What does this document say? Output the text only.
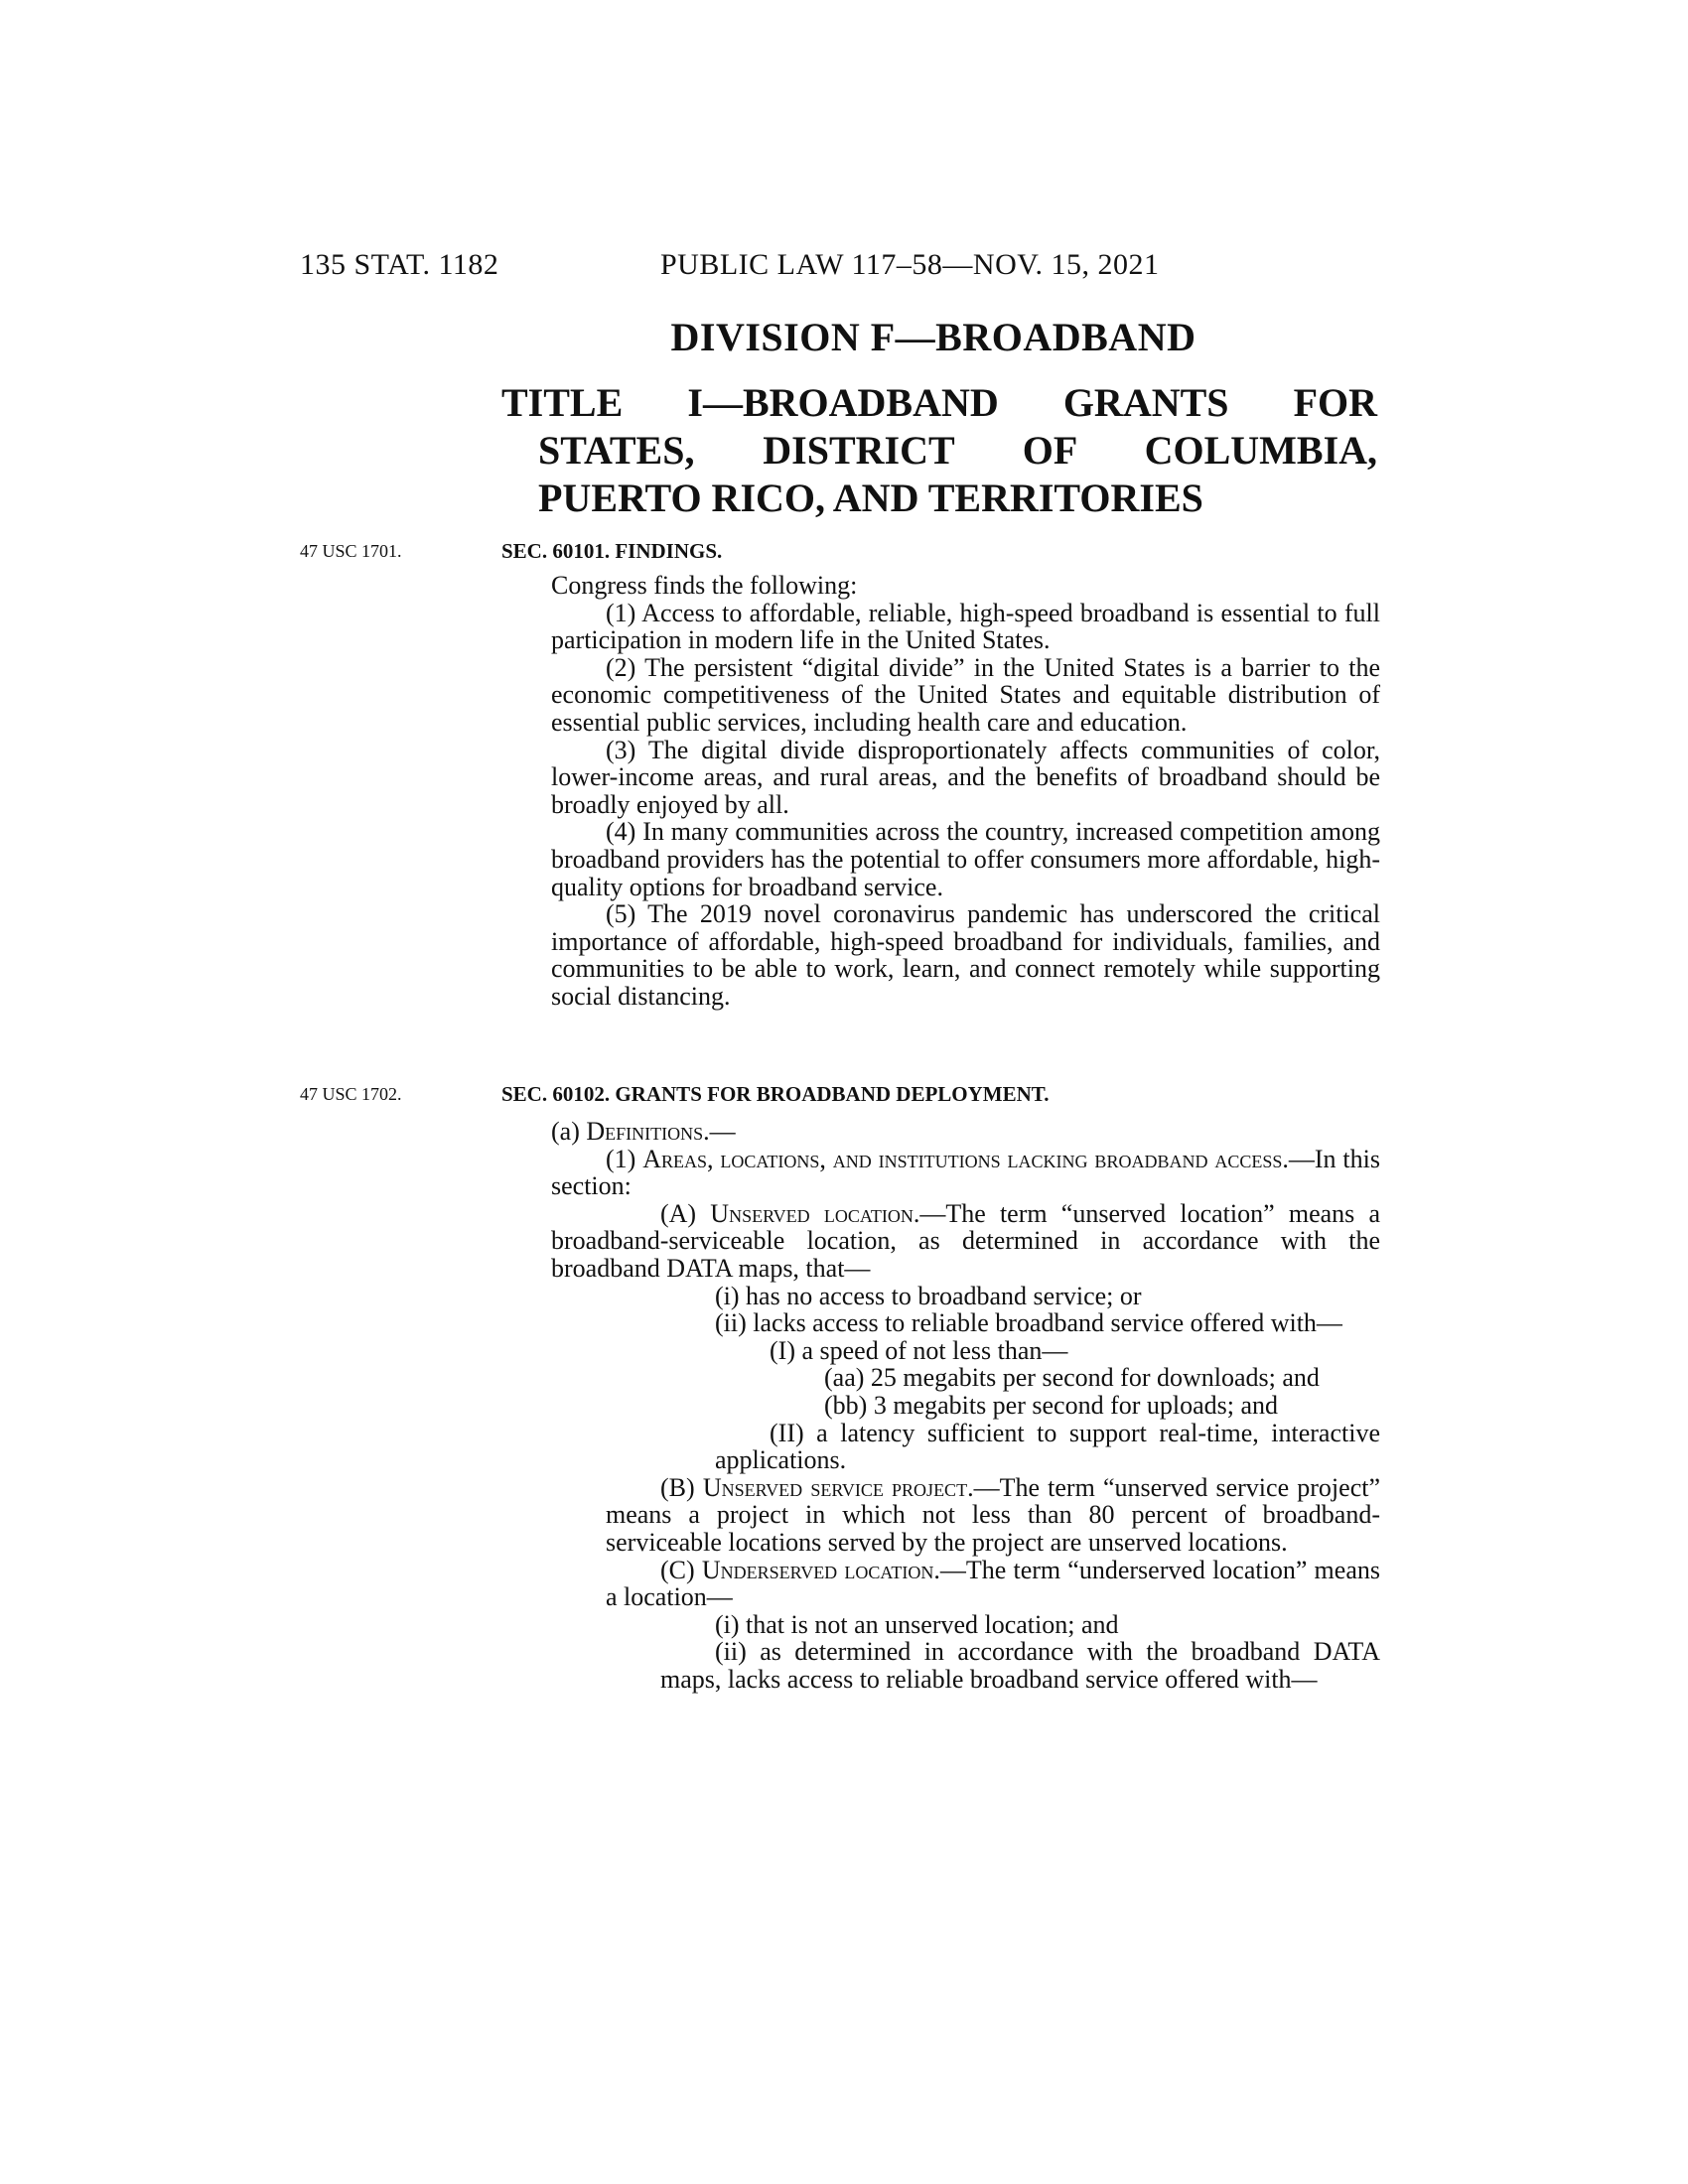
135 STAT. 1182	PUBLIC LAW 117–58—NOV. 15, 2021
DIVISION F—BROADBAND
TITLE I—BROADBAND GRANTS FOR
STATES, DISTRICT OF COLUMBIA,
PUERTO RICO, AND TERRITORIES
47 USC 1701.	SEC. 60101. FINDINGS.

Congress finds the following:

(1) Access to affordable, reliable, high-speed broadband is essential to full participation in modern life in the United States.

(2) The persistent “digital divide” in the United States is a barrier to the economic competitiveness of the United States and equitable distribution of essential public services, including health care and education.

(3) The digital divide disproportionately affects communities of color, lower-income areas, and rural areas, and the benefits of broadband should be broadly enjoyed by all.

(4) In many communities across the country, increased competition among broadband providers has the potential to offer consumers more affordable, high-quality options for broadband service.

(5) The 2019 novel coronavirus pandemic has underscored the critical importance of affordable, high-speed broadband for individuals, families, and communities to be able to work, learn, and connect remotely while supporting social distancing.

47 USC 1702.	SEC. 60102. GRANTS FOR BROADBAND DEPLOYMENT.

(a) Definitions.—

(1) Areas, locations, and institutions lacking broadband access.—In this section:

(A) Unserved location.—The term “unserved location” means a broadband-serviceable location, as determined in accordance with the broadband DATA maps, that—

(i) has no access to broadband service; or

(ii) lacks access to reliable broadband service offered with—

(I) a speed of not less than—

(aa) 25 megabits per second for downloads; and

(bb) 3 megabits per second for uploads; and

(II) a latency sufficient to support real-time, interactive applications.

(B) Unserved service project.—The term “unserved service project” means a project in which not less than 80 percent of broadband-serviceable locations served by the project are unserved locations.

(C) Underserved location.—The term “underserved location” means a location—

(i) that is not an unserved location; and

(ii) as determined in accordance with the broadband DATA maps, lacks access to reliable broadband service offered with—
